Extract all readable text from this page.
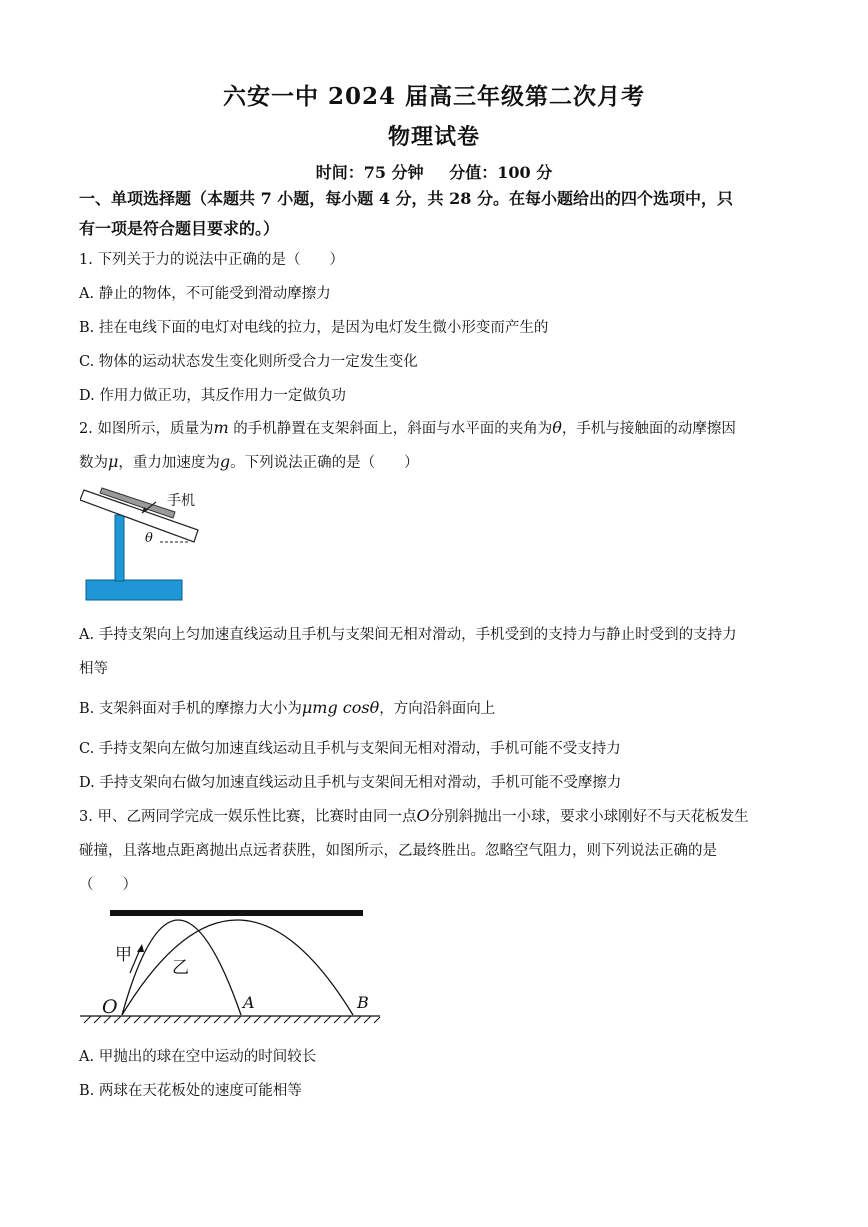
六安一中 2024 届高三年级第二次月考
物理试卷
时间：75 分钟 分值：100 分
一、单项选择题（本题共 7 小题，每小题 4 分，共 28 分。在每小题给出的四个选项中，只
有一项是符合题目要求的。）
1. 下列关于力的说法中正确的是（　　）
A. 静止的物体，不可能受到滑动摩擦力
B. 挂在电线下面的电灯对电线的拉力，是因为电灯发生微小形变而产生的
C. 物体的运动状态发生变化则所受合力一定发生变化
D. 作用力做正功，其反作用力一定做负功
2. 如图所示，质量为m 的手机静置在支架斜面上，斜面与水平面的夹角为θ，手机与接触面的动摩擦因
数为μ，重力加速度为g。下列说法正确的是（　　）
手机
θ
A. 手持支架向上匀加速直线运动且手机与支架间无相对滑动，手机受到的支持力与静止时受到的支持力
相等
B. 支架斜面对手机的摩擦力大小为μmg cosθ，方向沿斜面向上
C. 手持支架向左做匀加速直线运动且手机与支架间无相对滑动，手机可能不受支持力
D. 手持支架向右做匀加速直线运动且手机与支架间无相对滑动，手机可能不受摩擦力
3. 甲、乙两同学完成一娱乐性比赛，比赛时由同一点O分别斜抛出一小球，要求小球刚好不与天花板发生
碰撞，且落地点距离抛出点远者获胜，如图所示，乙最终胜出。忽略空气阻力，则下列说法正确的是
（　　）
甲
乙
O	A	B
A. 甲抛出的球在空中运动的时间较长
B. 两球在天花板处的速度可能相等
